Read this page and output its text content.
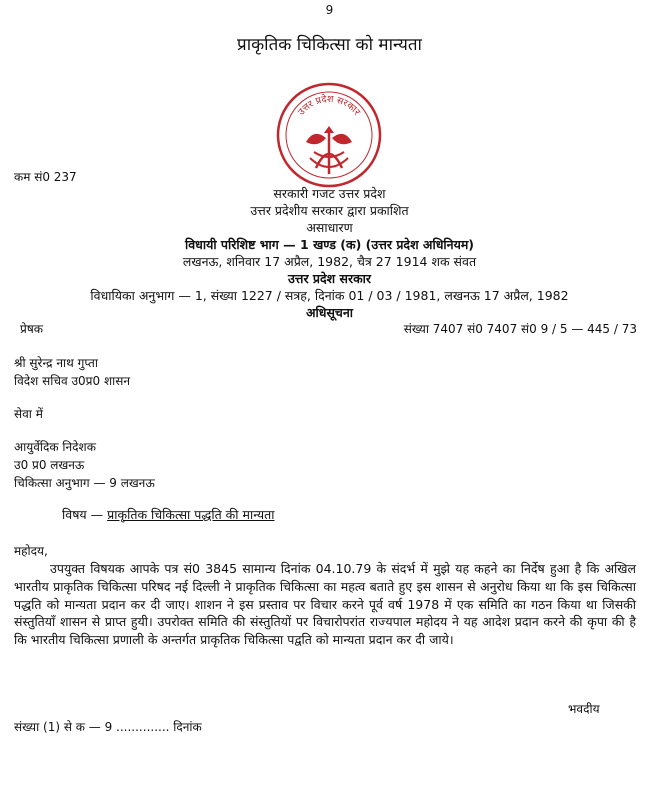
9
प्राकृतिक चिकित्सा को मान्यता
उत्तर प्रदेश सरकार
कम सं0 237
सरकारी गजट उत्तर प्रदेश
उत्तर प्रदेशीय सरकार द्वारा प्रकाशित
असाधारण
विधायी परिशिष्ट भाग — 1 खण्ड (क) (उत्तर प्रदेश अधिनियम)
लखनऊ, शनिवार 17 अप्रैल, 1982, चैत्र 27 1914 शक संवत
उत्तर प्रदेश सरकार
विधायिका अनुभाग — 1, संख्या 1227 / सत्रह, दिनांक 01 / 03 / 1981, लखनऊ 17 अप्रैल, 1982
अधिसूचना
प्रेषक	संख्या 7407 सं0 7407 सं0 9 / 5 — 445 / 73
श्री सुरेन्द्र नाथ गुप्ता
विदेश सचिव उ0प्र0 शासन
सेवा में
आयुर्वेदिक निदेशक
उ0 प्र0 लखनऊ
चिकित्सा अनुभाग — 9 लखनऊ
विषय — प्राकृतिक चिकित्सा पद्धति की मान्यता
महोदय,
उपयुक्त विषयक आपके पत्र सं0 3845 सामान्य दिनांक 04.10.79 के संदर्भ में मुझे यह कहने का निर्देष हुआ है कि अखिल भारतीय प्राकृतिक चिकित्सा परिषद नई दिल्ली ने प्राकृतिक चिकित्सा का महत्व बताते हुए इस शासन से अनुरोध किया था कि इस चिकित्सा पद्धति को मान्यता प्रदान कर दी जाए। शाशन ने इस प्रस्ताव पर विचार करने पूर्व वर्ष 1978 में एक समिति का गठन किया था जिसकी संस्तुतियॉं शासन से प्राप्त हुयी। उपरोक्त समिति की संस्तुतियों पर विचारोपरांत राज्यपाल महोदय ने यह आदेश प्रदान करने की कृपा की है कि भारतीय चिकित्सा प्रणाली के अन्तर्गत प्राकृतिक चिकित्सा पद्वति को मान्यता प्रदान कर दी जाये।
भवदीय
संख्या (1) से क — 9 .............. दिनांक
